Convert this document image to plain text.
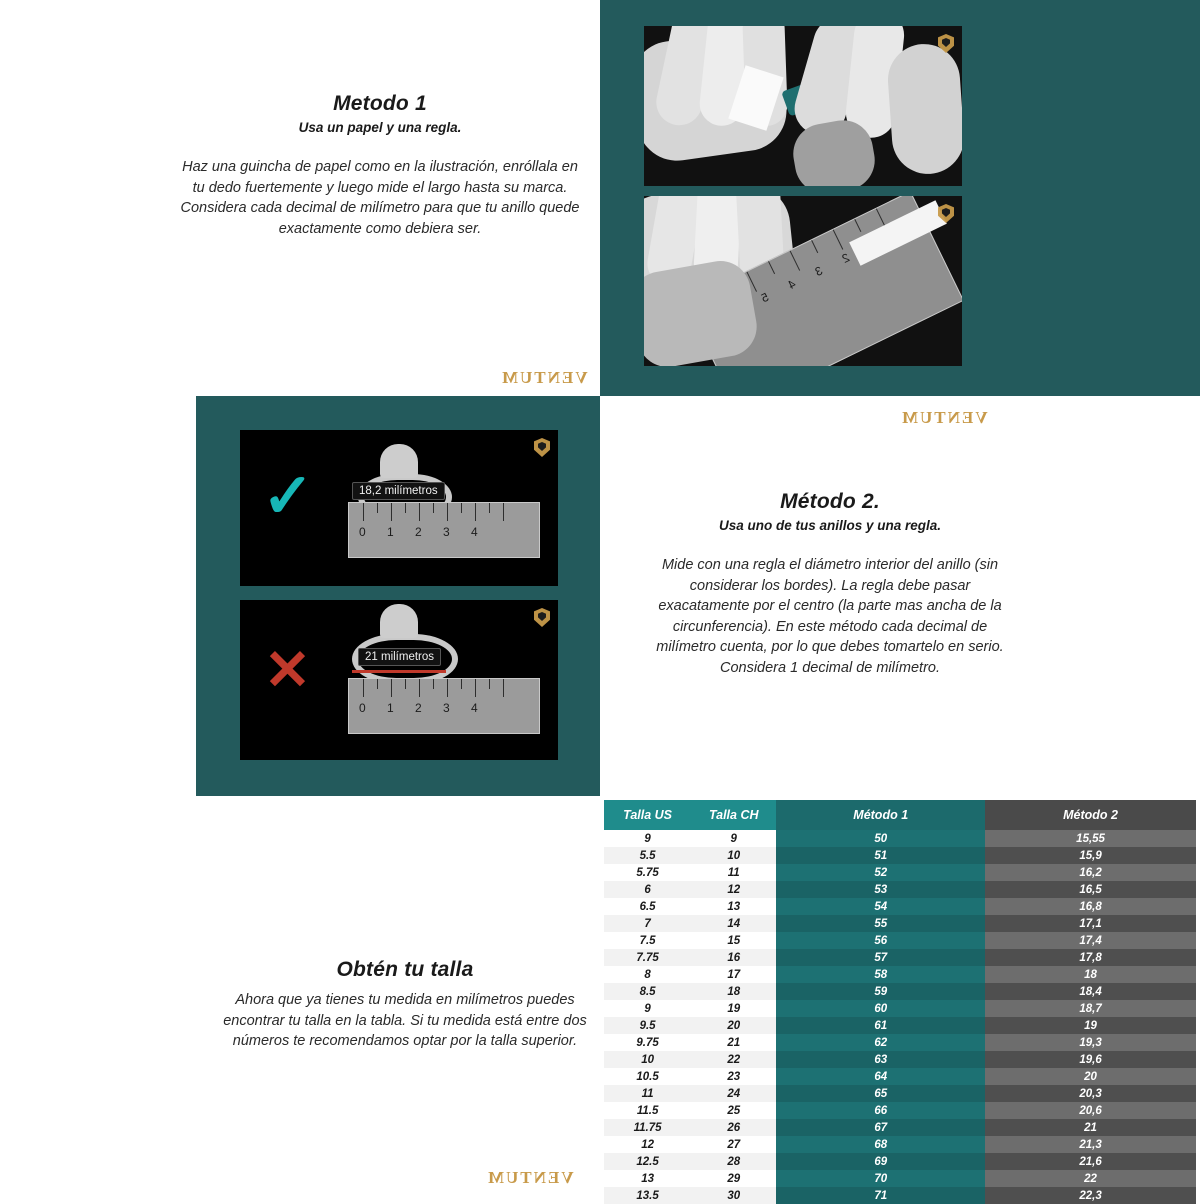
5
4
3
2
Metodo 1
Usa un papel y una regla.

Haz una guincha de papel como en la ilustración, enróllala en tu dedo fuertemente y luego mide el largo hasta su marca. Considera cada decimal de milímetro para que tu anillo quede exactamente como debiera ser.

VENTUM
18,2 milímetros
0 1 2 3 4
✓
21 milímetros
0 1 2 3 4
✕
VENTUM
Método 2.
Usa uno de tus anillos y una regla.

Mide con una regla el diámetro interior del anillo (sin considerar los bordes). La regla debe pasar exacatamente por el centro (la parte mas ancha de la circunferencia). En este método cada decimal de milímetro cuenta, por lo que debes tomartelo en serio. Considera 1 decimal de milímetro.

Obtén tu talla

Ahora que ya tienes tu medida en milímetros puedes encontrar tu talla en la tabla. Si tu medida está entre dos números te recomendamos optar por la talla superior.

VENTUM
Talla US	Talla CH	Método 1	Método 2
9	9	50	15,55
5.5	10	51	15,9
5.75	11	52	16,2
6	12	53	16,5
6.5	13	54	16,8
7	14	55	17,1
7.5	15	56	17,4
7.75	16	57	17,8
8	17	58	18
8.5	18	59	18,4
9	19	60	18,7
9.5	20	61	19
9.75	21	62	19,3
10	22	63	19,6
10.5	23	64	20
11	24	65	20,3
11.5	25	66	20,6
11.75	26	67	21
12	27	68	21,3
12.5	28	69	21,6
13	29	70	22
13.5	30	71	22,3
